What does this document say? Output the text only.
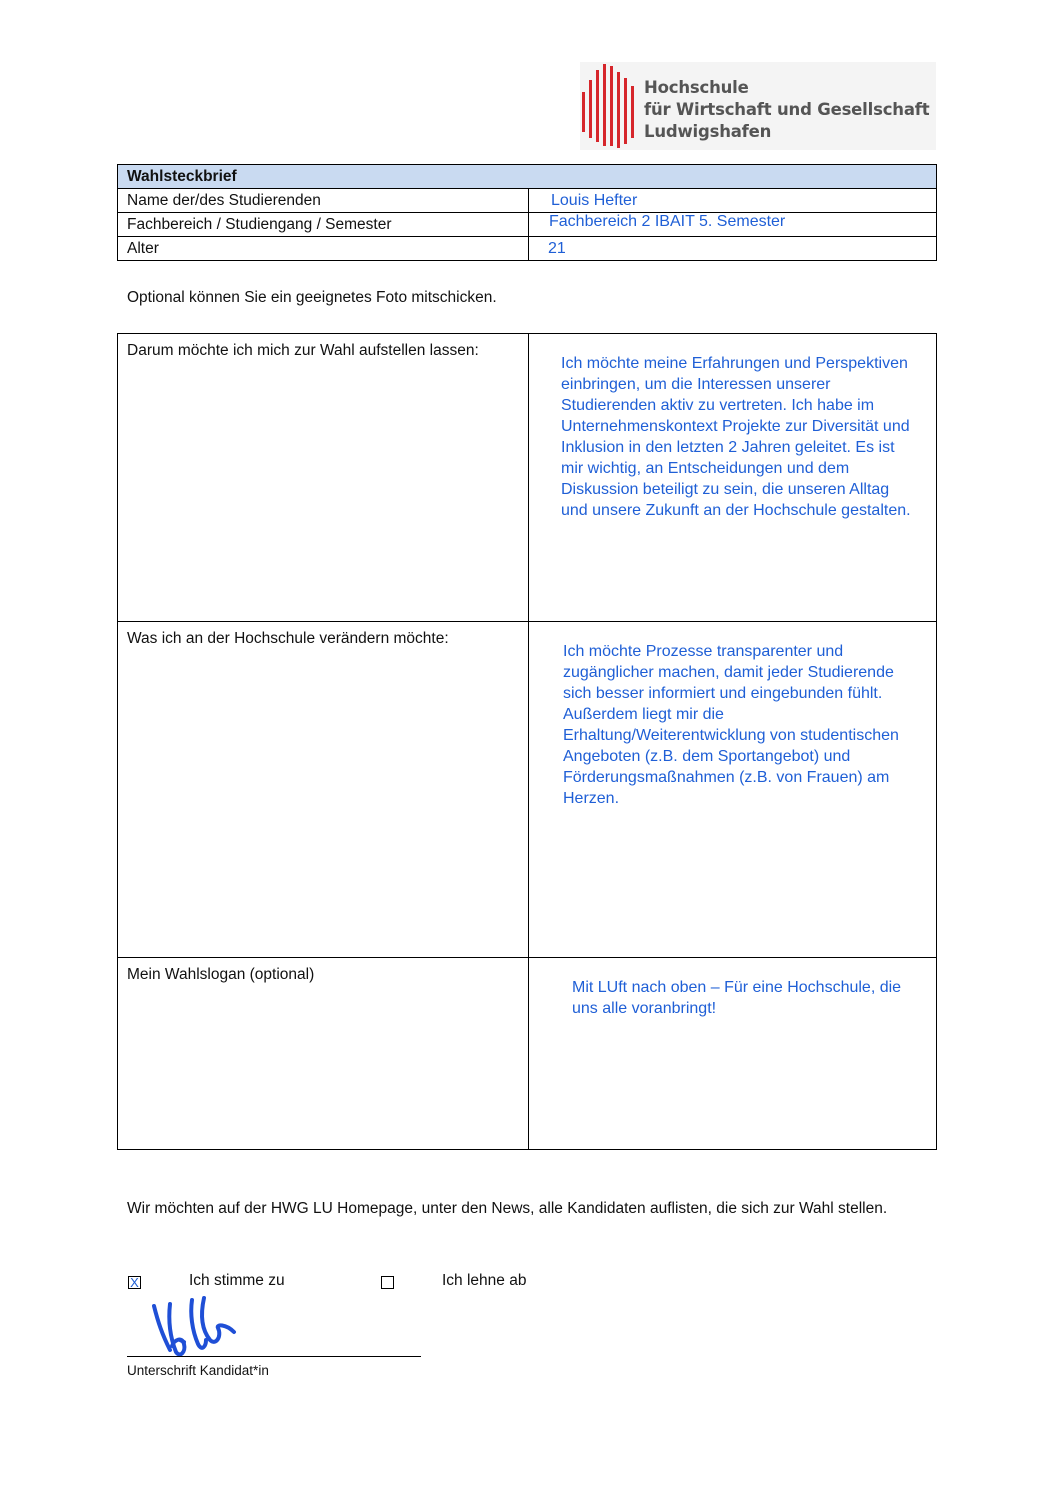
Hochschule
für Wirtschaft und Gesellschaft
Ludwigshafen
Wahlsteckbrief	
Name der/des Studierenden	Louis Hefter
Fachbereich / Studiengang / Semester	Fachbereich 2 IBAIT 5. Semester
Alter	21
Optional können Sie ein geeignetes Foto mitschicken.
Darum möchte ich mich zur Wahl aufstellen lassen:	Ich möchte meine Erfahrungen und Perspektiven einbringen, um die Interessen unserer Studierenden aktiv zu vertreten. Ich habe im Unternehmenskontext Projekte zur Diversität und Inklusion in den letzten 2 Jahren geleitet. Es ist mir wichtig, an Entscheidungen und dem Diskussion beteiligt zu sein, die unseren Alltag und unsere Zukunft an der Hochschule gestalten.
Was ich an der Hochschule verändern möchte:	Ich möchte Prozesse transparenter und zugänglicher machen, damit jeder Studierende sich besser informiert und eingebunden fühlt. Außerdem liegt mir die Erhaltung/Weiterentwicklung von studentischen Angeboten (z.B. dem Sportangebot) und Förderungsmaßnahmen (z.B. von Frauen) am Herzen.
Mein Wahlslogan (optional)	Mit LUft nach oben – Für eine Hochschule, die uns alle voranbringt!
Wir möchten auf der HWG LU Homepage, unter den News, alle Kandidaten auflisten, die sich zur Wahl stellen.
X	Ich stimme zu	Ich lehne ab
Unterschrift Kandidat*in
